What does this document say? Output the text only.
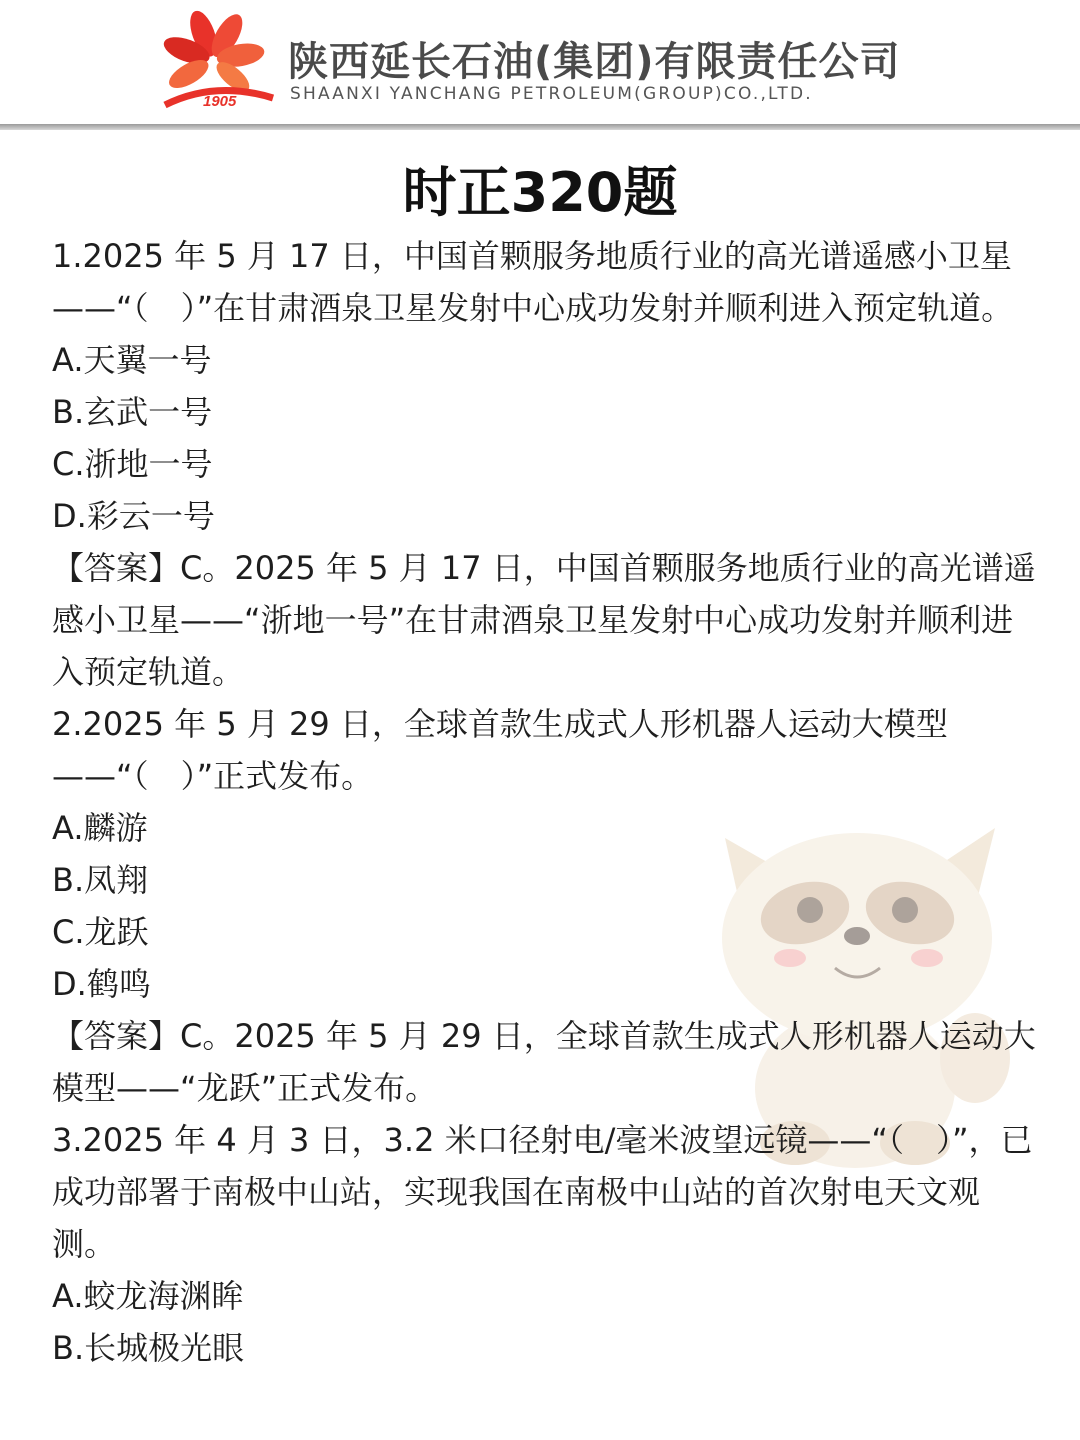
1905
陕西延长石油(集团)有限责任公司
SHAANXI YANCHANG PETROLEUM(GROUP)CO.,LTD.
时正320题

1.2025 年 5 月 17 日，中国首颗服务地质行业的高光谱遥感小卫星——“（　）”在甘肃酒泉卫星发射中心成功发射并顺利进入预定轨道。

A.天翼一号

B.玄武一号

C.浙地一号

D.彩云一号

【答案】C。2025 年 5 月 17 日，中国首颗服务地质行业的高光谱遥感小卫星——“浙地一号”在甘肃酒泉卫星发射中心成功发射并顺利进入预定轨道。

2.2025 年 5 月 29 日，全球首款生成式人形机器人运动大模型——“（　）”正式发布。

A.麟游

B.凤翔

C.龙跃

D.鹤鸣

【答案】C。2025 年 5 月 29 日，全球首款生成式人形机器人运动大模型——“龙跃”正式发布。

3.2025 年 4 月 3 日，3.2 米口径射电/毫米波望远镜——“（　）”，已成功部署于南极中山站，实现我国在南极中山站的首次射电天文观测。

A.蛟龙海渊眸

B.长城极光眼
